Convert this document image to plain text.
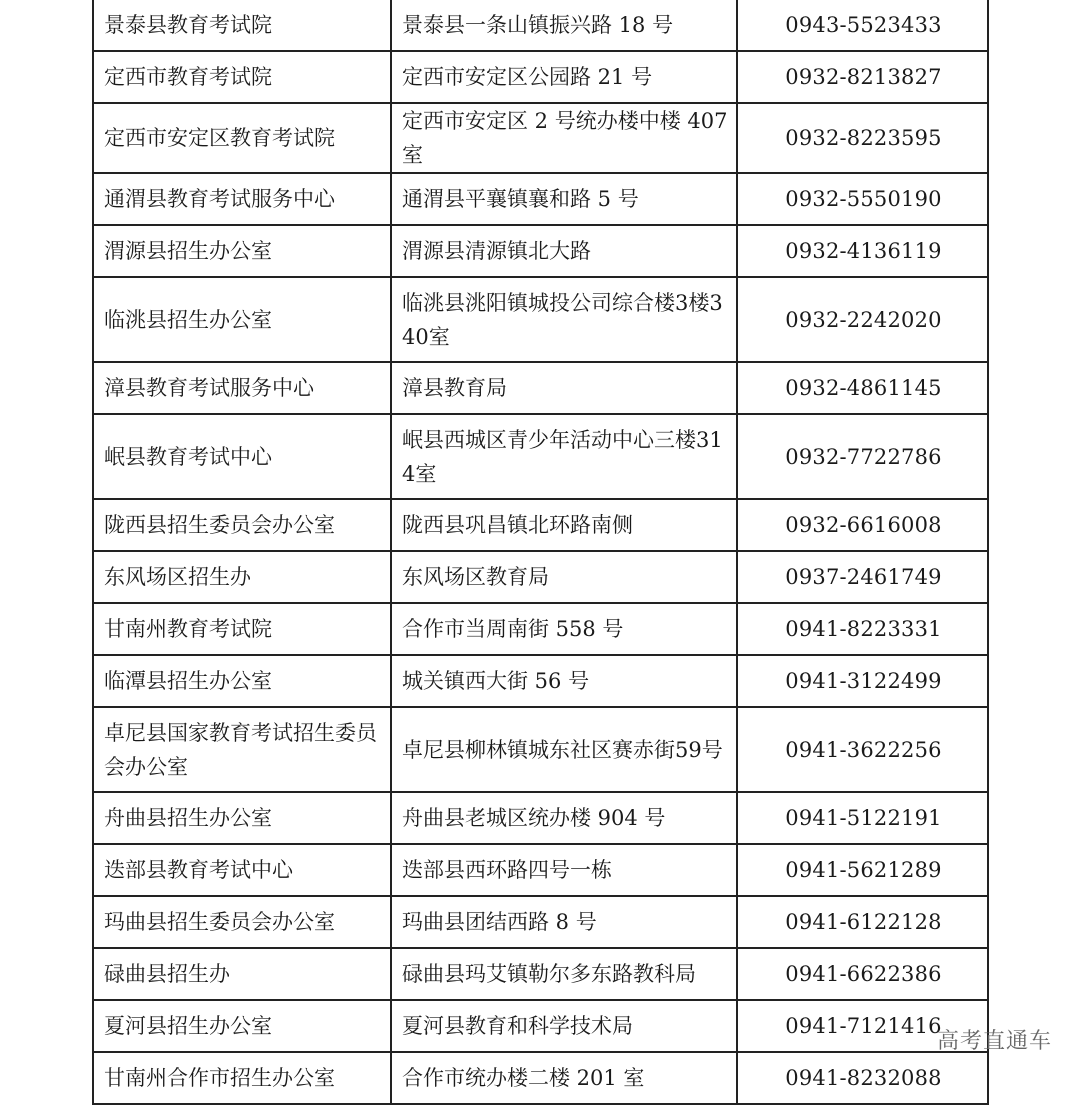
景泰县教育考试院	景泰县一条山镇振兴路 18 号	0943-5523433
定西市教育考试院	定西市安定区公园路 21 号	0932-8213827
定西市安定区教育考试院	定西市安定区 2 号统办楼中楼 407 室	0932-8223595
通渭县教育考试服务中心	通渭县平襄镇襄和路 5 号	0932-5550190
渭源县招生办公室	渭源县清源镇北大路	0932-4136119
临洮县招生办公室	临洮县洮阳镇城投公司综合楼3楼340室	0932-2242020
漳县教育考试服务中心	漳县教育局	0932-4861145
岷县教育考试中心	岷县西城区青少年活动中心三楼314室	0932-7722786
陇西县招生委员会办公室	陇西县巩昌镇北环路南侧	0932-6616008
东风场区招生办	东风场区教育局	0937-2461749
甘南州教育考试院	合作市当周南街 558 号	0941-8223331
临潭县招生办公室	城关镇西大街 56 号	0941-3122499
卓尼县国家教育考试招生委员会办公室	卓尼县柳林镇城东社区赛赤街59号	0941-3622256
舟曲县招生办公室	舟曲县老城区统办楼 904 号	0941-5122191
迭部县教育考试中心	迭部县西环路四号一栋	0941-5621289
玛曲县招生委员会办公室	玛曲县团结西路 8 号	0941-6122128
碌曲县招生办	碌曲县玛艾镇勒尔多东路教科局	0941-6622386
夏河县招生办公室	夏河县教育和科学技术局	0941-7121416
甘南州合作市招生办公室	合作市统办楼二楼 201 室	0941-8232088
高考直通车
